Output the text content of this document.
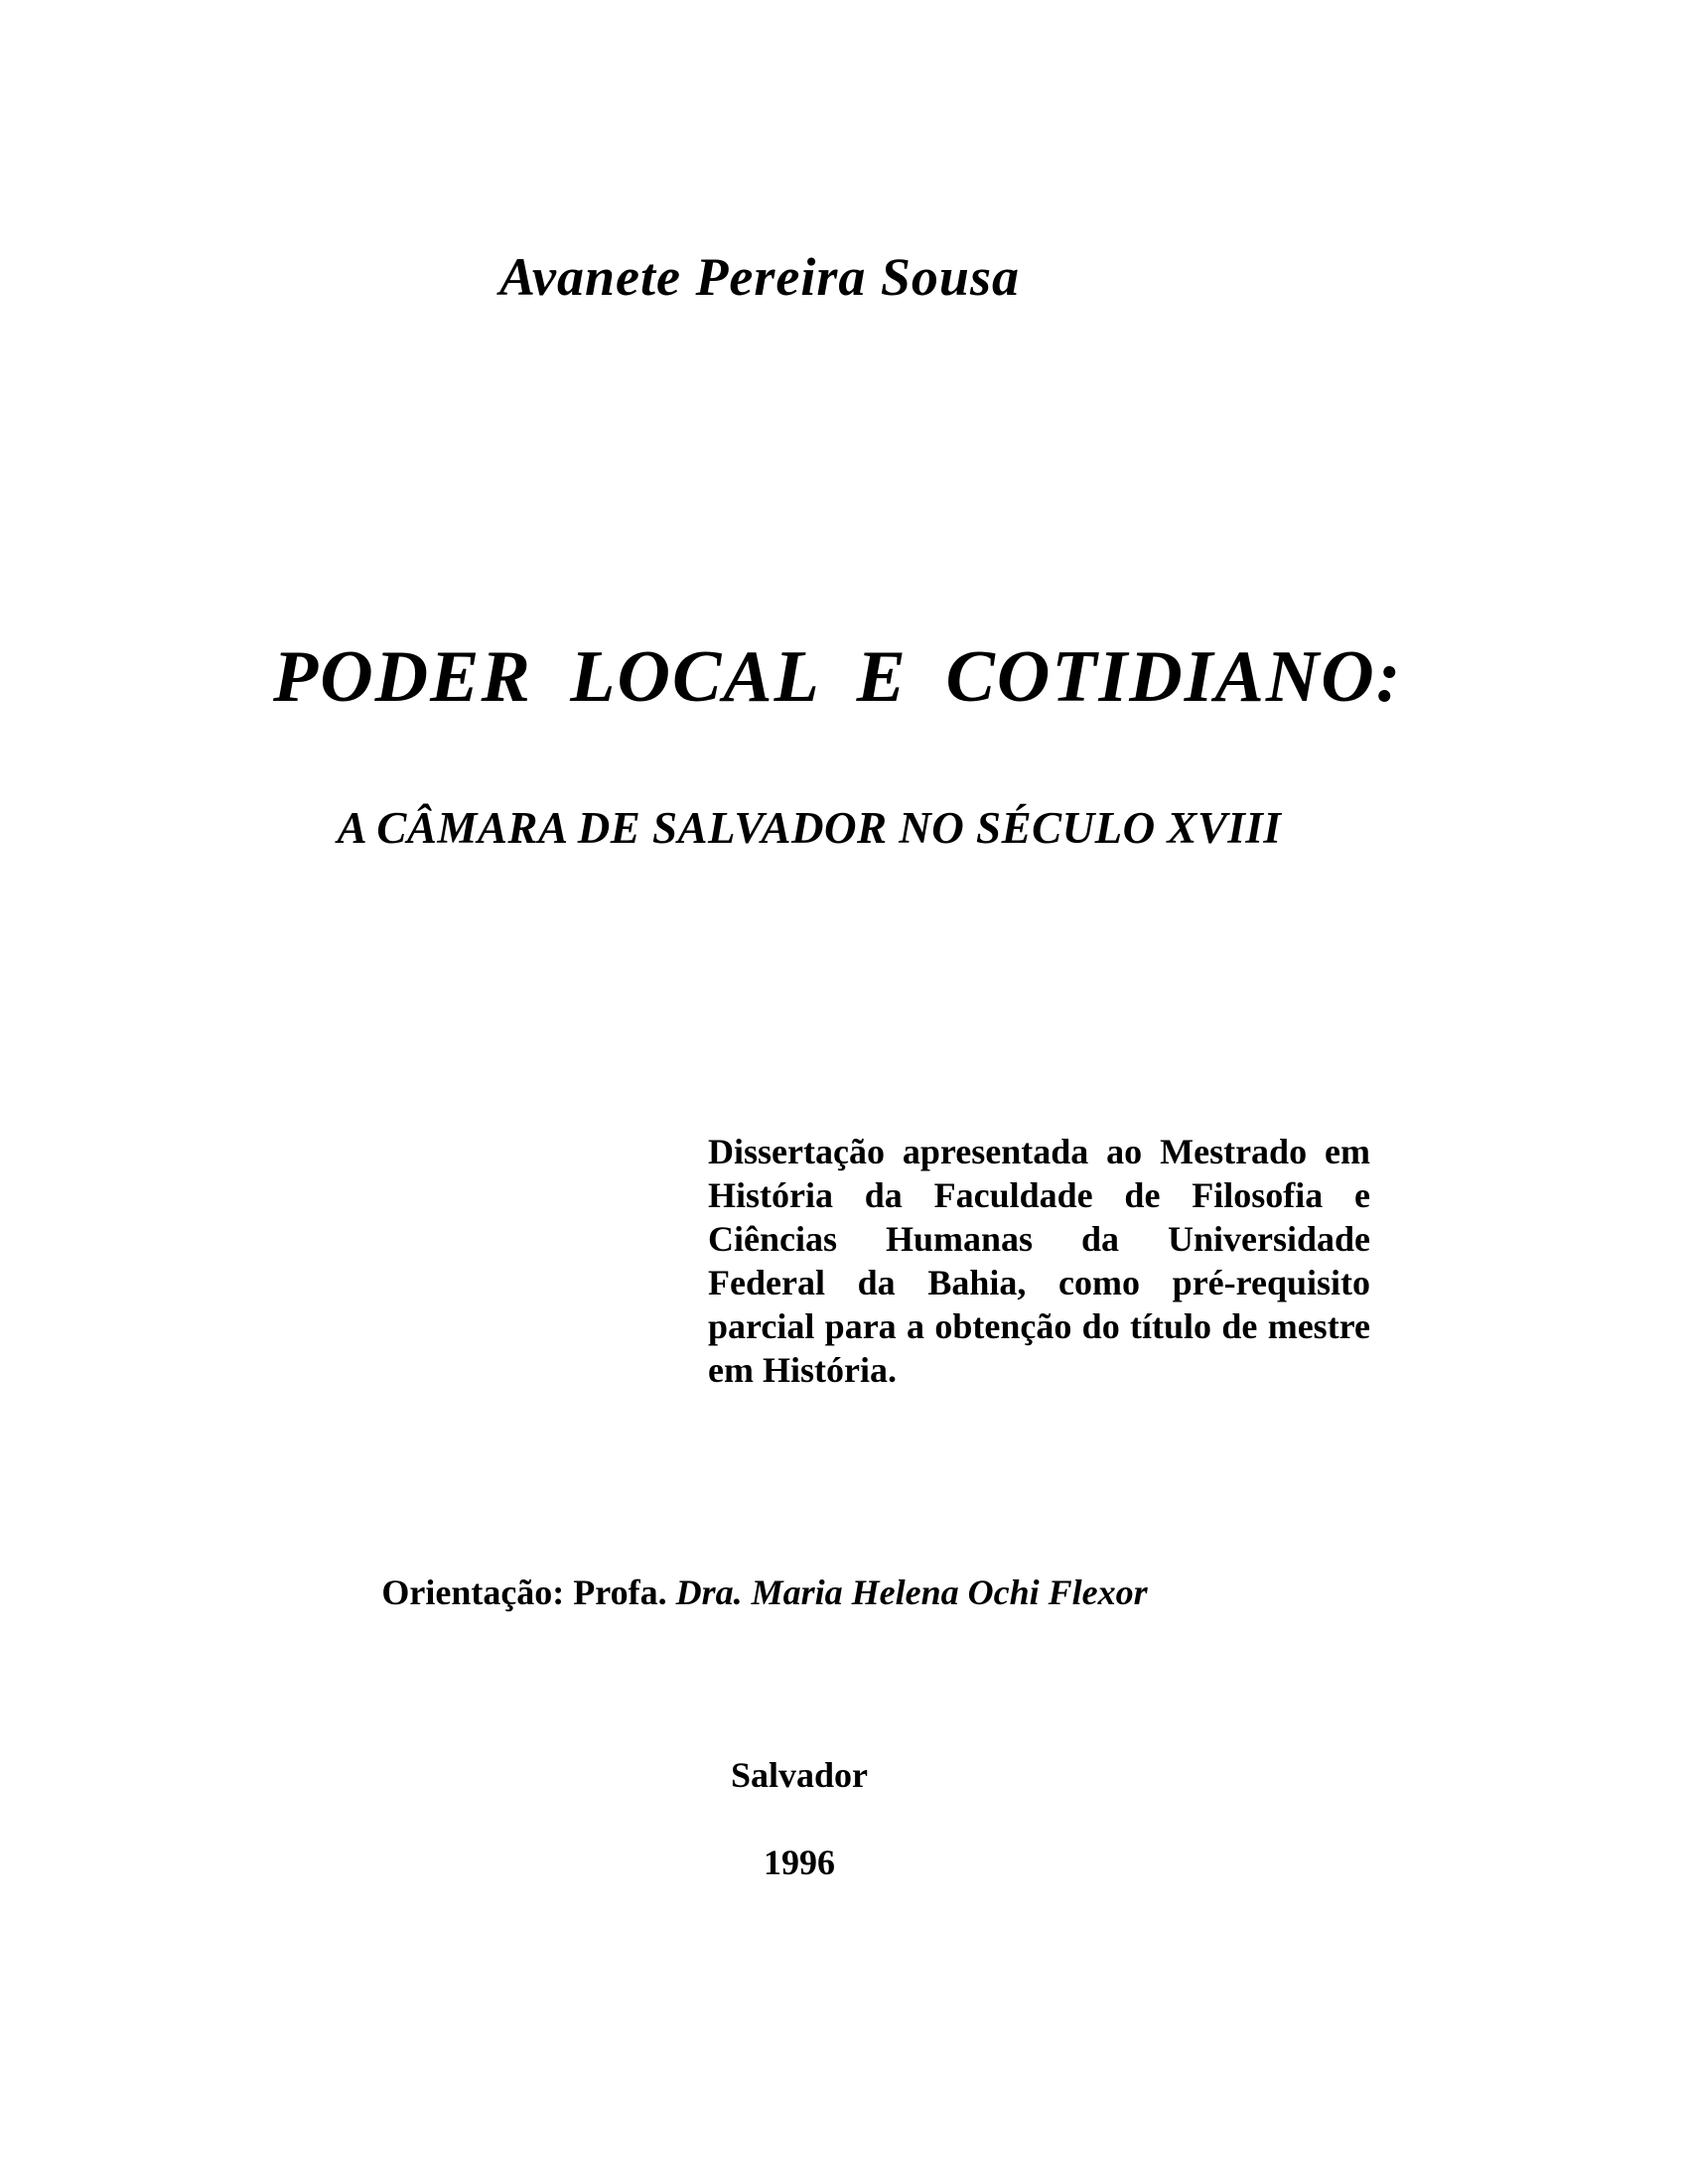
Avanete Pereira Sousa
PODER LOCAL E COTIDIANO:
A CÂMARA DE SALVADOR NO SÉCULO XVIII
Dissertação apresentada ao Mestrado em História da Faculdade de Filosofia e Ciências Humanas da Universidade Federal da Bahia, como pré-requisito parcial para a obtenção do título de mestre em História.
Orientação: Profa. Dra. Maria Helena Ochi Flexor
Salvador
1996
